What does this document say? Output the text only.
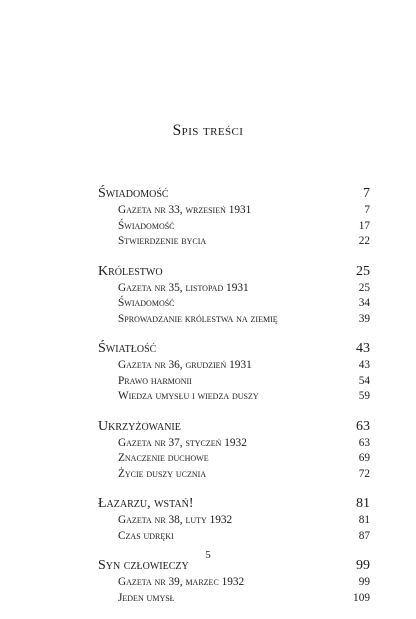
Spis treści
Świadomość	7
Gazeta nr 33, wrzesień 1931	7
Świadomość	17
Stwierdzenie bycia	22
Królestwo	25
Gazeta nr 35, listopad 1931	25
Świadomość	34
Sprowadzanie królestwa na ziemię	39
Światłość	43
Gazeta nr 36, grudzień 1931	43
Prawo harmonii	54
Wiedza umysłu i wiedza duszy	59
Ukrzyżowanie	63
Gazeta nr 37, styczeń 1932	63
Znaczenie duchowe	69
Życie duszy ucznia	72
Łazarzu, wstań!	81
Gazeta nr 38, luty 1932	81
Czas udręki	87
Syn człowieczy	99
Gazeta nr 39, marzec 1932	99
Jeden umysł	109
5
